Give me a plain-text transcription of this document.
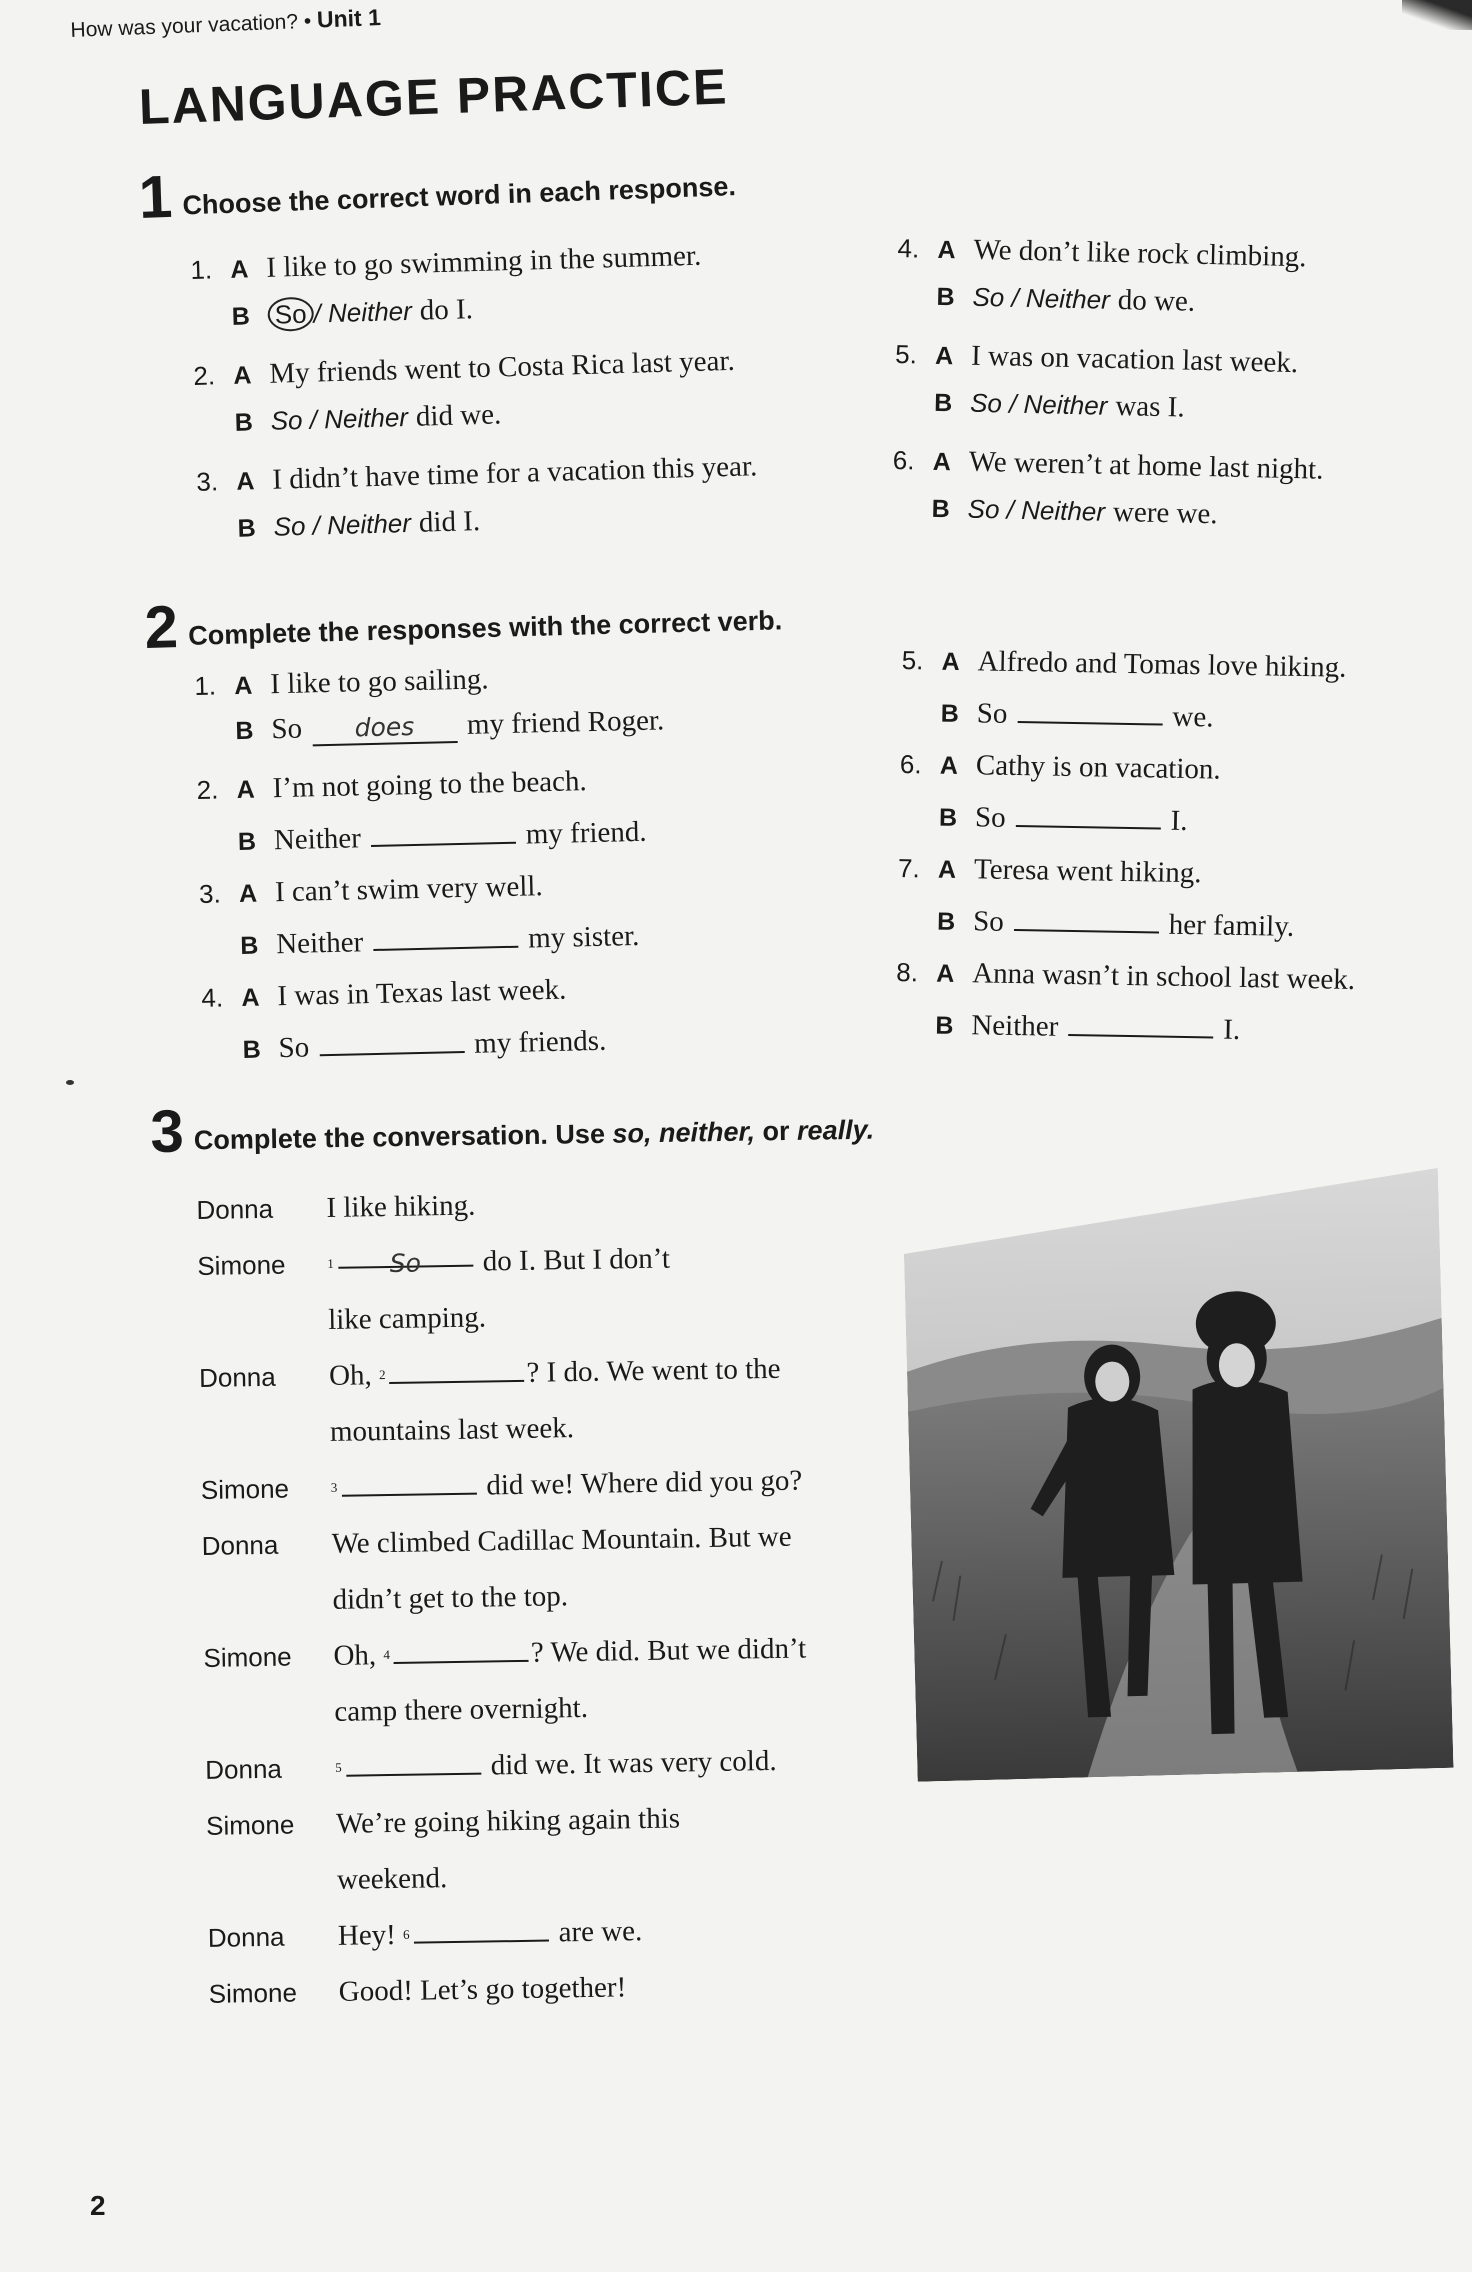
How was your vacation? • Unit 1
LANGUAGE PRACTICE
1 Choose the correct word in each response.
1. A I like to go swimming in the summer.
B So / Neither do I.
2. A My friends went to Costa Rica last year.
B So / Neither did we.
3. A I didn’t have time for a vacation this year.
B So / Neither did I.
4. A We don’t like rock climbing.
B So / Neither do we.
5. A I was on vacation last week.
B So / Neither was I.
6. A We weren’t at home last night.
B So / Neither were we.
2 Complete the responses with the correct verb.
1. A I like to go sailing.
B So	does	my friend Roger.
2. A I’m not going to the beach.
B Neither	my friend.
3. A I can’t swim very well.
B Neither	my sister.
4. A I was in Texas last week.
B So	my friends.
5. A Alfredo and Tomas love hiking.
B So	we.
6. A Cathy is on vacation.
B So	I.
7. A Teresa went hiking.
B So	her family.
8. A Anna wasn’t in school last week.
B Neither	I.
3 Complete the conversation. Use so, neither, or really.
Donna	I like hiking.
Simone	$^1$ So do I. But I don’t
like camping.
Donna	Oh, $^2$	? I do. We went to the
mountains last week.
Simone	$^3$	did we! Where did you go?
Donna	We climbed Cadillac Mountain. But we
didn’t get to the top.
Simone	Oh, $^4$	? We did. But we didn’t
camp there overnight.
Donna	$^5$	did we. It was very cold.
Simone	We’re going hiking again this
weekend.
Donna	Hey! $^6$	are we.
Simone	Good! Let’s go together!
2
